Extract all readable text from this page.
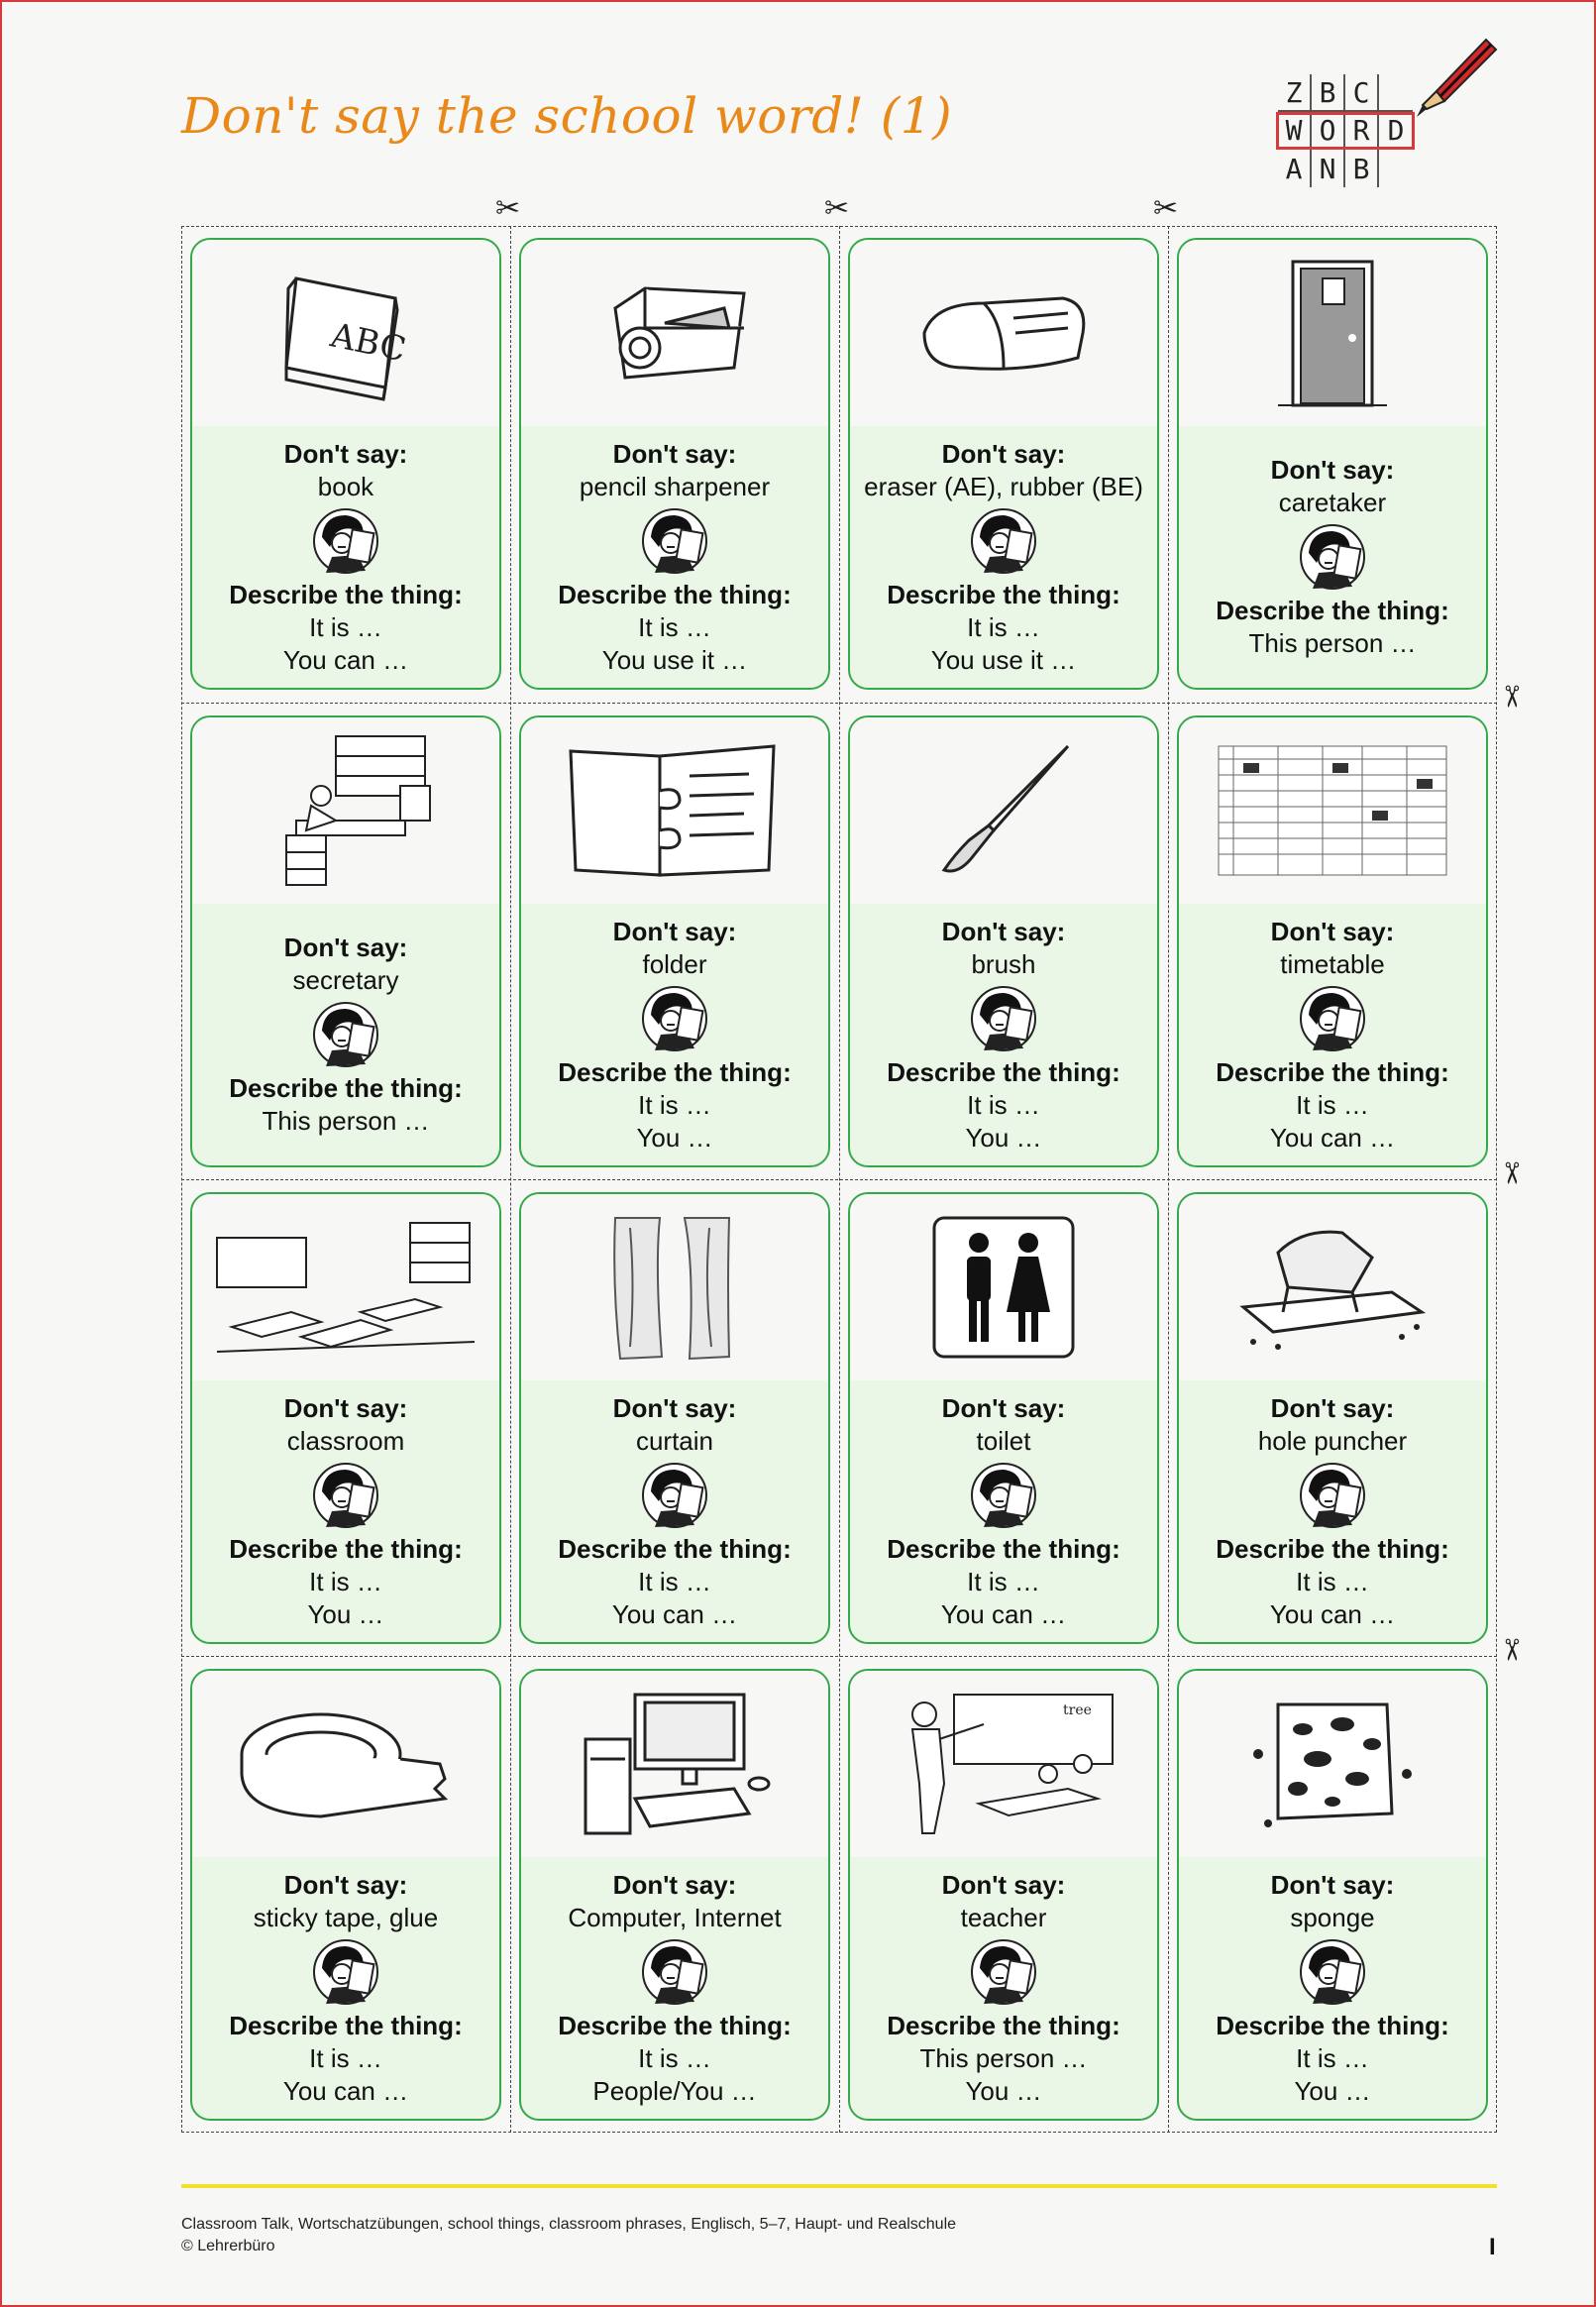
Don't say the school word! (1)	Z B C
W O R D
A N B
✂	✂	✂
✂
✂
✂
ABC
Don't say:
book
Describe the thing:
It is …
You can …
Don't say:
pencil sharpener
Describe the thing:
It is …
You use it …
Don't say:
eraser (AE), rubber (BE)
Describe the thing:
It is …
You use it …
Don't say:
caretaker
Describe the thing:
This person …
Don't say:
secretary
Describe the thing:
This person …
Don't say:
folder
Describe the thing:
It is …
You …
Don't say:
brush
Describe the thing:
It is …
You …
Don't say:
timetable
Describe the thing:
It is …
You can …
Don't say:
classroom
Describe the thing:
It is …
You …
Don't say:
curtain
Describe the thing:
It is …
You can …
Don't say:
toilet
Describe the thing:
It is …
You can …
Don't say:
hole puncher
Describe the thing:
It is …
You can …
Don't say:
sticky tape, glue
Describe the thing:
It is …
You can …
Don't say:
Computer, Internet
Describe the thing:
It is …
People/You …
tree
Don't say:
teacher
Describe the thing:
This person …
You …
Don't say:
sponge
Describe the thing:
It is …
You …
Classroom Talk, Wortschatzübungen, school things, classroom phrases, Englisch, 5–7, Haupt- und Realschule
© Lehrerbüro	I
